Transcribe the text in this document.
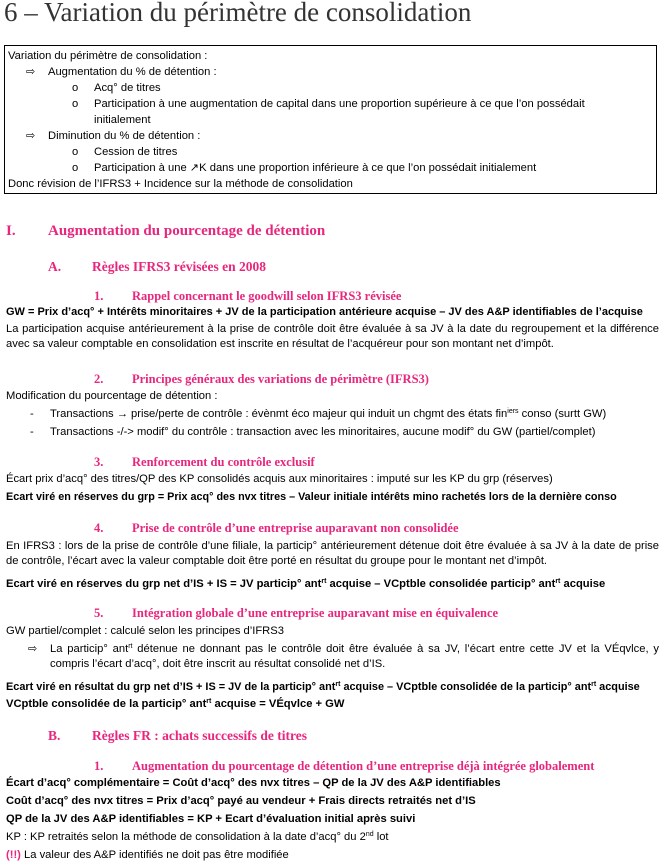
6 – Variation du périmètre de consolidation
Variation du périmètre de consolidation :
⇨ Augmentation du % de détention :
o Acq° de titres
o Participation à une augmentation de capital dans une proportion supérieure à ce que l’on possédait
initialement
⇨ Diminution du % de détention :
o Cession de titres
o Participation à une ↗K dans une proportion inférieure à ce que l’on possédait initialement
Donc révision de l’IFRS3 + Incidence sur la méthode de consolidation
I. Augmentation du pourcentage de détention
A. Règles IFRS3 révisées en 2008
1. Rappel concernant le goodwill selon IFRS3 révisée
GW = Prix d’acq° + Intérêts minoritaires + JV de la participation antérieure acquise – JV des A&P identifiables de l’acquise
La participation acquise antérieurement à la prise de contrôle doit être évaluée à sa JV à la date du regroupement et la différence avec sa valeur comptable en consolidation est inscrite en résultat de l’acquéreur pour son montant net d’impôt.
2. Principes généraux des variations de périmètre (IFRS3)
Modification du pourcentage de détention :
- Transactions → prise/perte de contrôle : évènmt éco majeur qui induit un chgmt des états fin$^{iers}$ conso (surtt GW)
- Transactions -/-> modif° du contrôle : transaction avec les minoritaires, aucune modif° du GW (partiel/complet)
3. Renforcement du contrôle exclusif
Écart prix d’acq° des titres/QP des KP consolidés acquis aux minoritaires : imputé sur les KP du grp (réserves)
Ecart viré en réserves du grp = Prix acq° des nvx titres – Valeur initiale intérêts mino rachetés lors de la dernière conso
4. Prise de contrôle d’une entreprise auparavant non consolidée
En IFRS3 : lors de la prise de contrôle d’une filiale, la particip° antérieurement détenue doit être évaluée à sa JV à la date de prise de contrôle, l’écart avec la valeur comptable doit être porté en résultat du groupe pour le montant net d’impôt.
Ecart viré en réserves du grp net d’IS + IS = JV particip° ant$^{rt}$ acquise – VCptble consolidée particip° ant$^{rt}$ acquise
5. Intégration globale d’une entreprise auparavant mise en équivalence
GW partiel/complet : calculé selon les principes d’IFRS3
⇨ La particip° ant$^{rt}$ détenue ne donnant pas le contrôle doit être évaluée à sa JV, l’écart entre cette JV et la VÉqvlce, y compris l’écart d’acq°, doit être inscrit au résultat consolidé net d’IS.
Ecart viré en résultat du grp net d’IS + IS = JV de la particip° ant$^{rt}$ acquise – VCptble consolidée de la particip° ant$^{rt}$ acquise
VCptble consolidée de la particip° ant$^{rt}$ acquise = VÉqvlce + GW
B. Règles FR : achats successifs de titres
1. Augmentation du pourcentage de détention d’une entreprise déjà intégrée globalement
Écart d’acq° complémentaire = Coût d’acq° des nvx titres – QP de la JV des A&P identifiables
Coût d’acq° des nvx titres = Prix d’acq° payé au vendeur + Frais directs retraités net d’IS
QP de la JV des A&P identifiables = KP + Ecart d’évaluation initial après suivi
KP : KP retraités selon la méthode de consolidation à la date d’acq° du 2nd lot
(!!) La valeur des A&P identifiés ne doit pas être modifiée
